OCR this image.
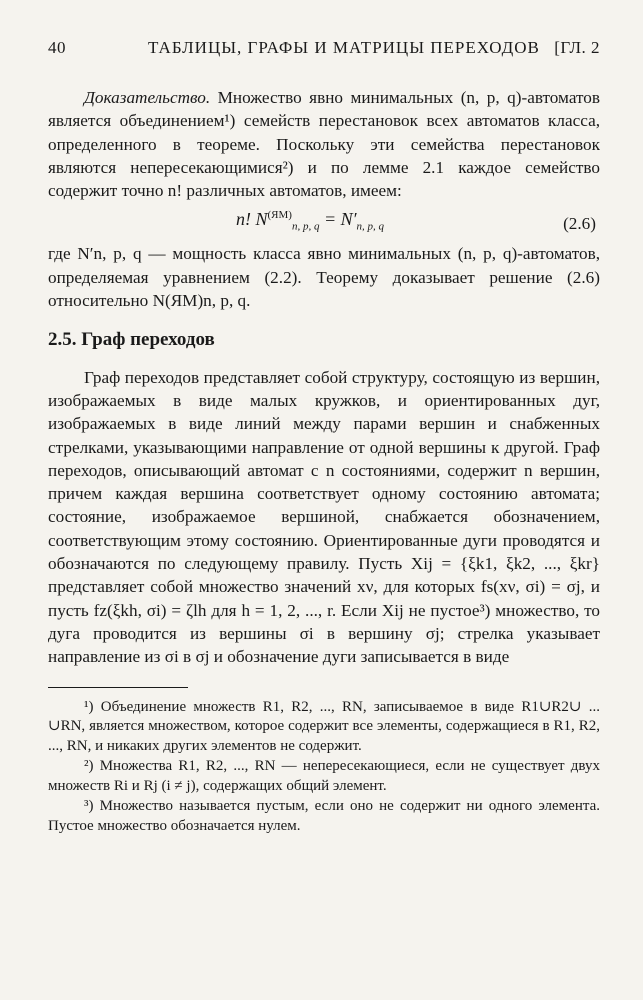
40	ТАБЛИЦЫ, ГРАФЫ И МАТРИЦЫ ПЕРЕХОДОВ [ГЛ. 2

Доказательство. Множество явно минимальных (n, p, q)-автоматов является объединением¹) семейств перестановок всех автоматов класса, определенного в теореме. Поскольку эти семейства перестановок являются непересекающимися²) и по лемме 2.1 каждое семейство содержит точно n! различных автоматов, имеем:

n! $N^{(ЯМ)}_{n, p, q} = N'_{n, p, q}$	(2.6)

где N′n, p, q — мощность класса явно минимальных (n, p, q)-автоматов, определяемая уравнением (2.2). Теорему доказывает решение (2.6) относительно N(ЯМ)n, p, q.

2.5. Граф переходов

Граф переходов представляет собой структуру, состоящую из вершин, изображаемых в виде малых кружков, и ориентированных дуг, изображаемых в виде линий между парами вершин и снабженных стрелками, указывающими направление от одной вершины к другой. Граф переходов, описывающий автомат с n состояниями, содержит n вершин, причем каждая вершина соответствует одному состоянию автомата; состояние, изображаемое вершиной, снабжается обозначением, соответствующим этому состоянию. Ориентированные дуги проводятся и обозначаются по следующему правилу. Пусть Xij = {ξk1, ξk2, ..., ξkr} представляет собой множество значений xν, для которых fs(xν, σi) = σj, и пусть fz(ξkh, σi) = ζlh для h = 1, 2, ..., r. Если Xij не пустое³) множество, то дуга проводится из вершины σi в вершину σj; стрелка указывает направление из σi в σj и обозначение дуги записывается в виде

¹) Объединение множеств R1, R2, ..., RN, записываемое в виде R1∪R2∪ ... ∪RN, является множеством, которое содержит все элементы, содержащиеся в R1, R2, ..., RN, и никаких других элементов не содержит.

²) Множества R1, R2, ..., RN — непересекающиеся, если не существует двух множеств Ri и Rj (i ≠ j), содержащих общий элемент.

³) Множество называется пустым, если оно не содержит ни одного элемента. Пустое множество обозначается нулем.
